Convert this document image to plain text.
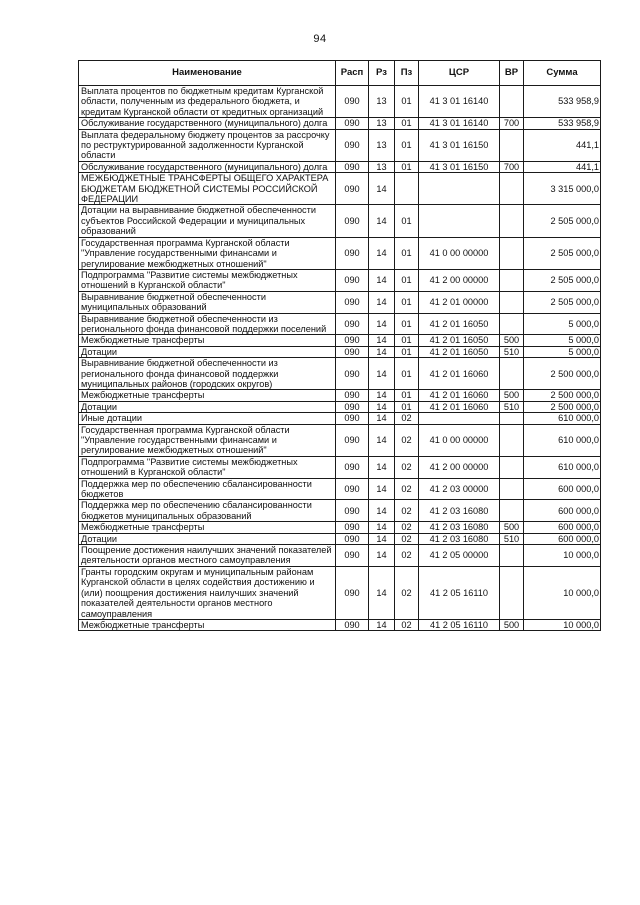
94
Наименование	Расп	Рз	Пз	ЦСР	ВР	Сумма
Выплата процентов по бюджетным кредитам Курганской области, полученным из федерального бюджета, и кредитам Курганской области от кредитных организаций	090	13	01	41 3 01 16140		533 958,9
Обслуживание государственного (муниципального) долга	090	13	01	41 3 01 16140	700	533 958,9
Выплата федеральному бюджету процентов за рассрочку по реструктурированной задолженности Курганской области	090	13	01	41 3 01 16150		441,1
Обслуживание государственного (муниципального) долга	090	13	01	41 3 01 16150	700	441,1
МЕЖБЮДЖЕТНЫЕ ТРАНСФЕРТЫ ОБЩЕГО ХАРАКТЕРА БЮДЖЕТАМ БЮДЖЕТНОЙ СИСТЕМЫ РОССИЙСКОЙ ФЕДЕРАЦИИ	090	14				3 315 000,0
Дотации на выравнивание бюджетной обеспеченности субъектов Российской Федерации и муниципальных образований	090	14	01			2 505 000,0
Государственная программа Курганской области "Управление государственными финансами и регулирование межбюджетных отношений"	090	14	01	41 0 00 00000		2 505 000,0
Подпрограмма "Развитие системы межбюджетных отношений в Курганской области"	090	14	01	41 2 00 00000		2 505 000,0
Выравнивание бюджетной обеспеченности муниципальных образований	090	14	01	41 2 01 00000		2 505 000,0
Выравнивание бюджетной обеспеченности из регионального фонда финансовой поддержки поселений	090	14	01	41 2 01 16050		5 000,0
Межбюджетные трансферты	090	14	01	41 2 01 16050	500	5 000,0
Дотации	090	14	01	41 2 01 16050	510	5 000,0
Выравнивание бюджетной обеспеченности из регионального фонда финансовой поддержки муниципальных районов (городских округов)	090	14	01	41 2 01 16060		2 500 000,0
Межбюджетные трансферты	090	14	01	41 2 01 16060	500	2 500 000,0
Дотации	090	14	01	41 2 01 16060	510	2 500 000,0
Иные дотации	090	14	02			610 000,0
Государственная программа Курганской области "Управление государственными финансами и регулирование межбюджетных отношений"	090	14	02	41 0 00 00000		610 000,0
Подпрограмма "Развитие системы межбюджетных отношений в Курганской области"	090	14	02	41 2 00 00000		610 000,0
Поддержка мер по обеспечению сбалансированности бюджетов	090	14	02	41 2 03 00000		600 000,0
Поддержка мер по обеспечению сбалансированности бюджетов муниципальных образований	090	14	02	41 2 03 16080		600 000,0
Межбюджетные трансферты	090	14	02	41 2 03 16080	500	600 000,0
Дотации	090	14	02	41 2 03 16080	510	600 000,0
Поощрение достижения наилучших значений показателей деятельности органов местного самоуправления	090	14	02	41 2 05 00000		10 000,0
Гранты городским округам и муниципальным районам Курганской области в целях содействия достижению и (или) поощрения достижения наилучших значений показателей деятельности органов местного самоуправления	090	14	02	41 2 05 16110		10 000,0
Межбюджетные трансферты	090	14	02	41 2 05 16110	500	10 000,0
